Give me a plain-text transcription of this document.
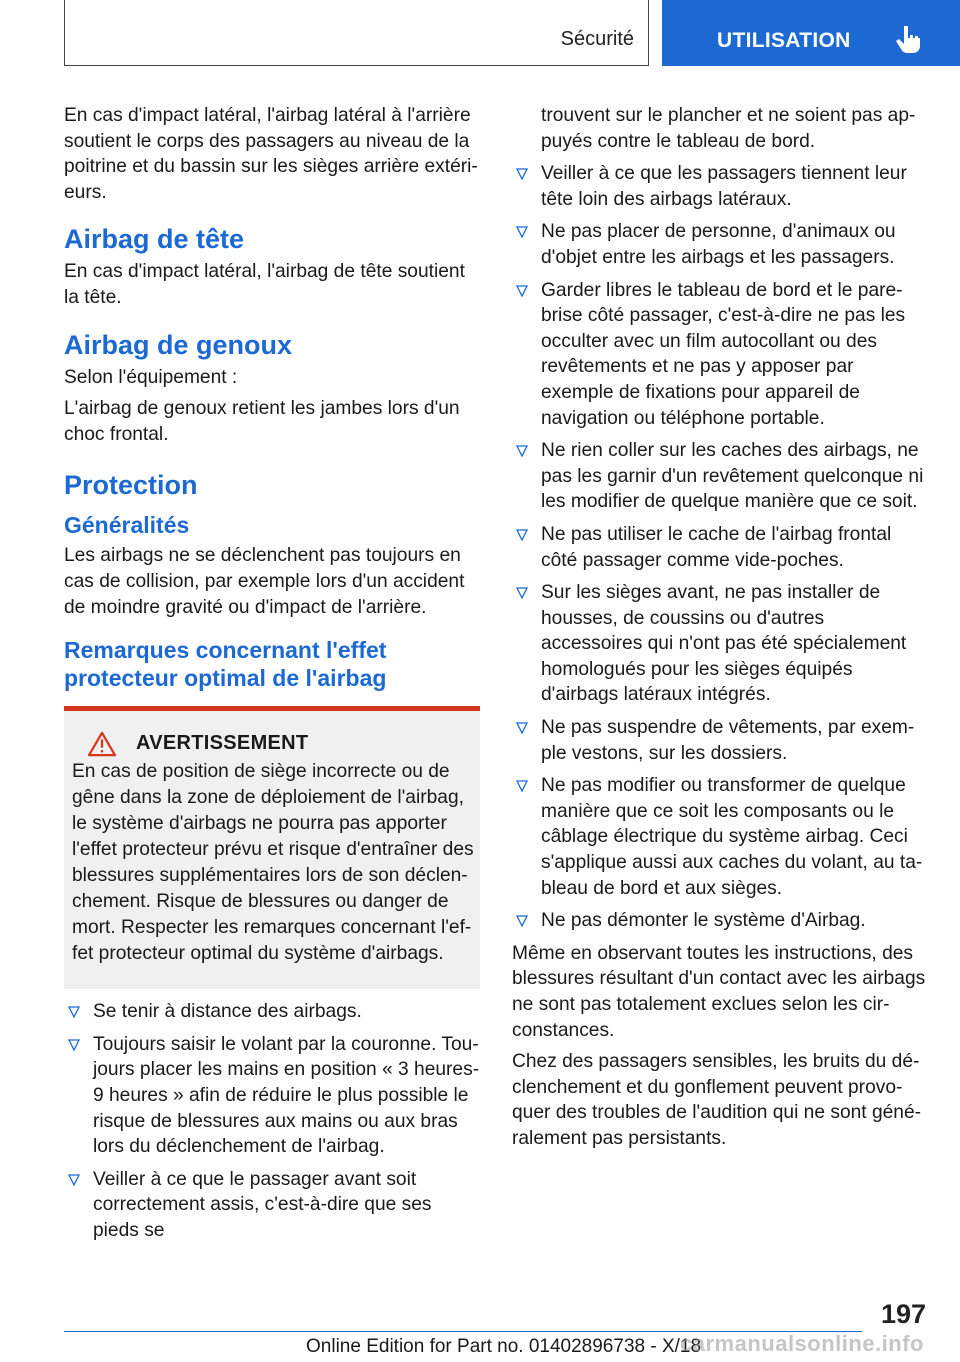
Sécurité	UTILISATION

En cas d'impact latéral, l'airbag latéral à l'arrière soutient le corps des passagers au niveau de la poitrine et du bassin sur les sièges arrière extérieurs.

Airbag de tête

En cas d'impact latéral, l'airbag de tête soutient la tête.

Airbag de genoux

Selon l'équipement :

L'airbag de genoux retient les jambes lors d'un choc frontal.

Protection
Généralités

Les airbags ne se déclenchent pas toujours en cas de collision, par exemple lors d'un accident de moindre gravité ou d'impact de l'arrière.

Remarques concernant l'effet protecteur optimal de l'airbag
AVERTISSEMENT

En cas de position de siège incorrecte ou de gêne dans la zone de déploiement de l'airbag, le système d'airbags ne pourra pas apporter l'effet protecteur prévu et risque d'entraîner des blessures supplémentaires lors de son déclenchement. Risque de blessures ou danger de mort. Respecter les remarques concernant l'effet protecteur optimal du système d'airbags.

Se tenir à distance des airbags.
Toujours saisir le volant par la couronne. Toujours placer les mains en position « 3 heures-9 heures » afin de réduire le plus possible le risque de blessures aux mains ou aux bras lors du déclenchement de l'airbag.
Veiller à ce que le passager avant soit correctement assis, c'est-à-dire que ses pieds se

trouvent sur le plancher et ne soient pas appuyés contre le tableau de bord.

Veiller à ce que les passagers tiennent leur tête loin des airbags latéraux.
Ne pas placer de personne, d'animaux ou d'objet entre les airbags et les passagers.
Garder libres le tableau de bord et le pare-brise côté passager, c'est-à-dire ne pas les occulter avec un film autocollant ou des revêtements et ne pas y apposer par exemple de fixations pour appareil de navigation ou téléphone portable.
Ne rien coller sur les caches des airbags, ne pas les garnir d'un revêtement quelconque ni les modifier de quelque manière que ce soit.
Ne pas utiliser le cache de l'airbag frontal côté passager comme vide-poches.
Sur les sièges avant, ne pas installer de housses, de coussins ou d'autres accessoires qui n'ont pas été spécialement homologués pour les sièges équipés d'airbags latéraux intégrés.
Ne pas suspendre de vêtements, par exemple vestons, sur les dossiers.
Ne pas modifier ou transformer de quelque manière que ce soit les composants ou le câblage électrique du système airbag. Ceci s'applique aussi aux caches du volant, au tableau de bord et aux sièges.
Ne pas démonter le système d'Airbag.

Même en observant toutes les instructions, des blessures résultant d'un contact avec les airbags ne sont pas totalement exclues selon les circonstances.

Chez des passagers sensibles, les bruits du déclenchement et du gonflement peuvent provoquer des troubles de l'audition qui ne sont généralement pas persistants.

197
Online Edition for Part no. 01402896738 - X/18
carmanualsonline.info
